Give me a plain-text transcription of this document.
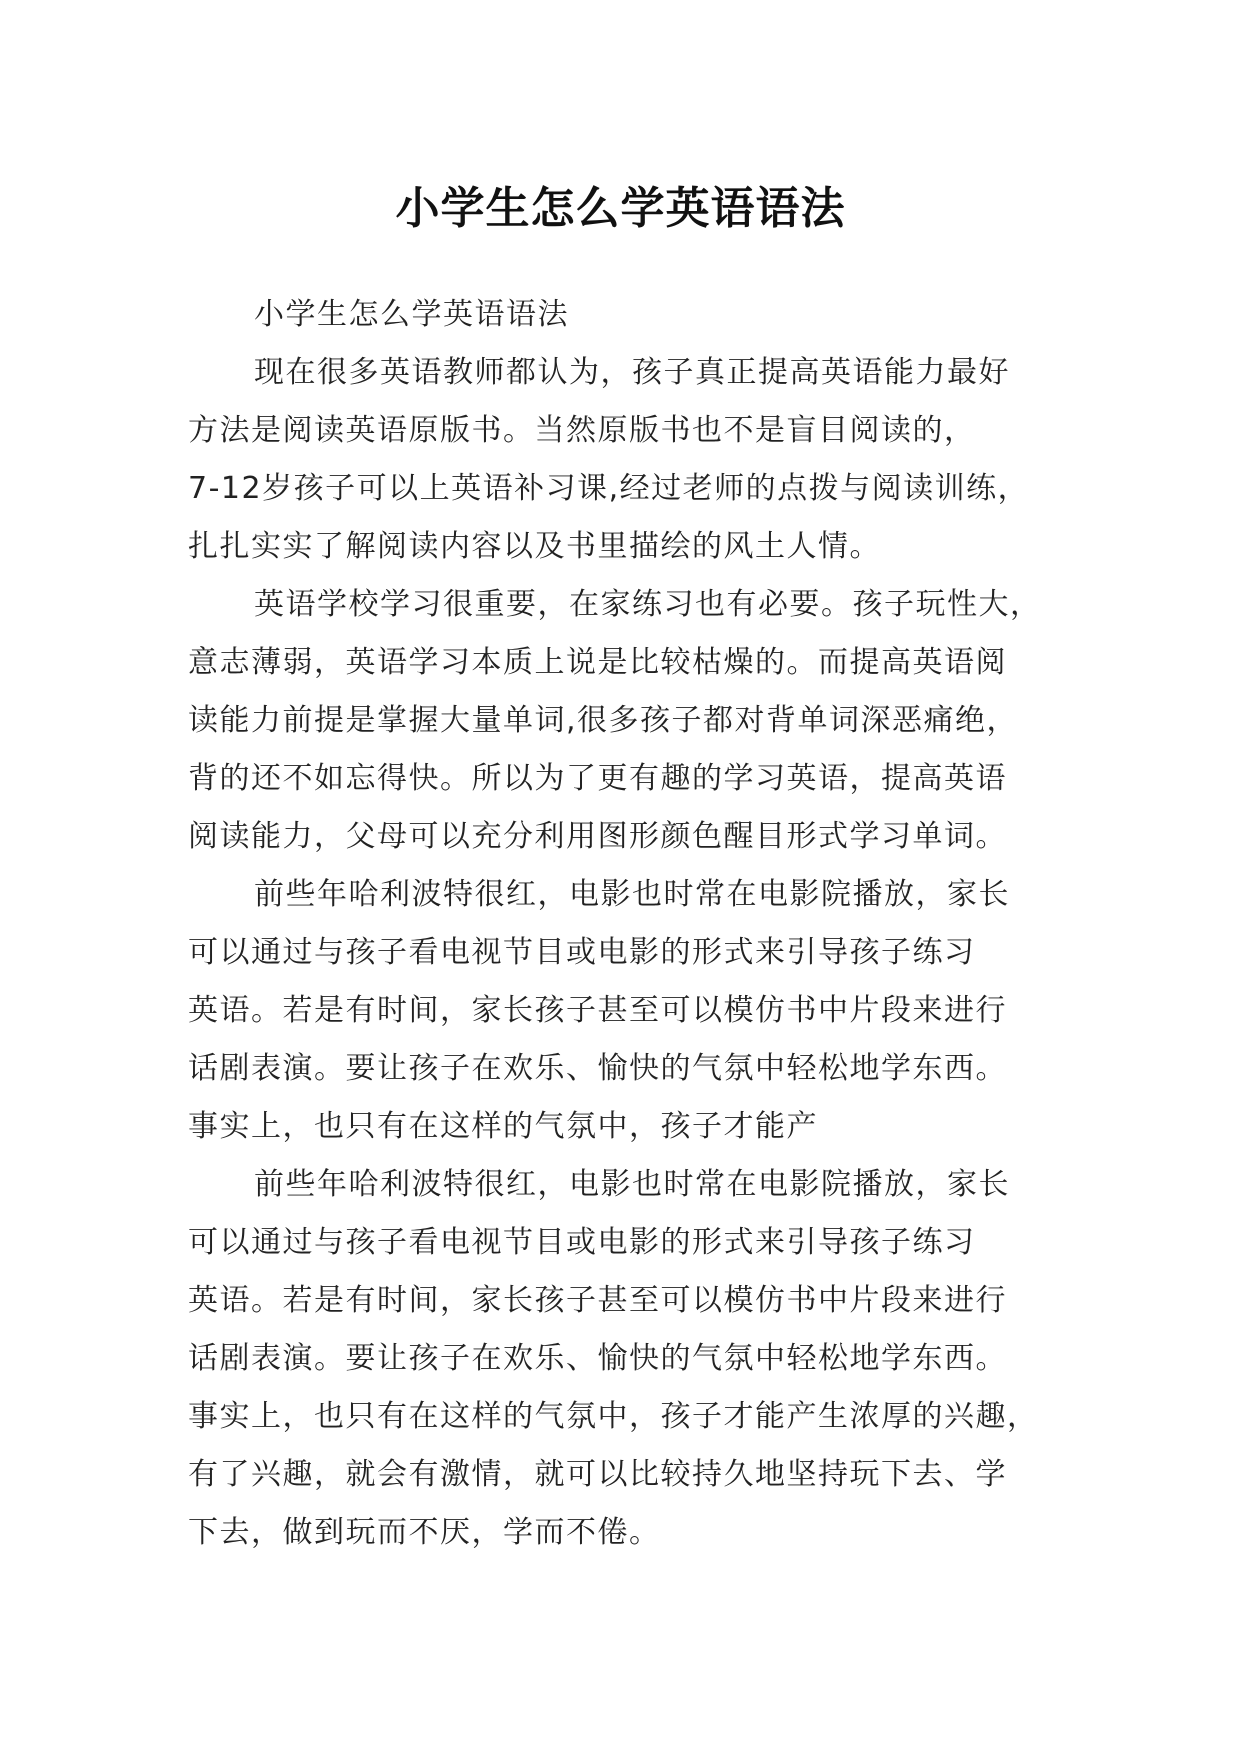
小学生怎么学英语语法
小学生怎么学英语语法
现在很多英语教师都认为，孩子真正提高英语能力最好
方法是阅读英语原版书。当然原版书也不是盲目阅读的，
7-12岁孩子可以上英语补习课,经过老师的点拨与阅读训练，
扎扎实实了解阅读内容以及书里描绘的风土人情。
英语学校学习很重要，在家练习也有必要。孩子玩性大，
意志薄弱，英语学习本质上说是比较枯燥的。而提高英语阅
读能力前提是掌握大量单词,很多孩子都对背单词深恶痛绝，
背的还不如忘得快。所以为了更有趣的学习英语，提高英语
阅读能力，父母可以充分利用图形颜色醒目形式学习单词。
前些年哈利波特很红，电影也时常在电影院播放，家长
可以通过与孩子看电视节目或电影的形式来引导孩子练习
英语。若是有时间，家长孩子甚至可以模仿书中片段来进行
话剧表演。要让孩子在欢乐、愉快的气氛中轻松地学东西。
事实上，也只有在这样的气氛中，孩子才能产
前些年哈利波特很红，电影也时常在电影院播放，家长
可以通过与孩子看电视节目或电影的形式来引导孩子练习
英语。若是有时间，家长孩子甚至可以模仿书中片段来进行
话剧表演。要让孩子在欢乐、愉快的气氛中轻松地学东西。
事实上，也只有在这样的气氛中，孩子才能产生浓厚的兴趣，
有了兴趣，就会有激情，就可以比较持久地坚持玩下去、学
下去，做到玩而不厌，学而不倦。
